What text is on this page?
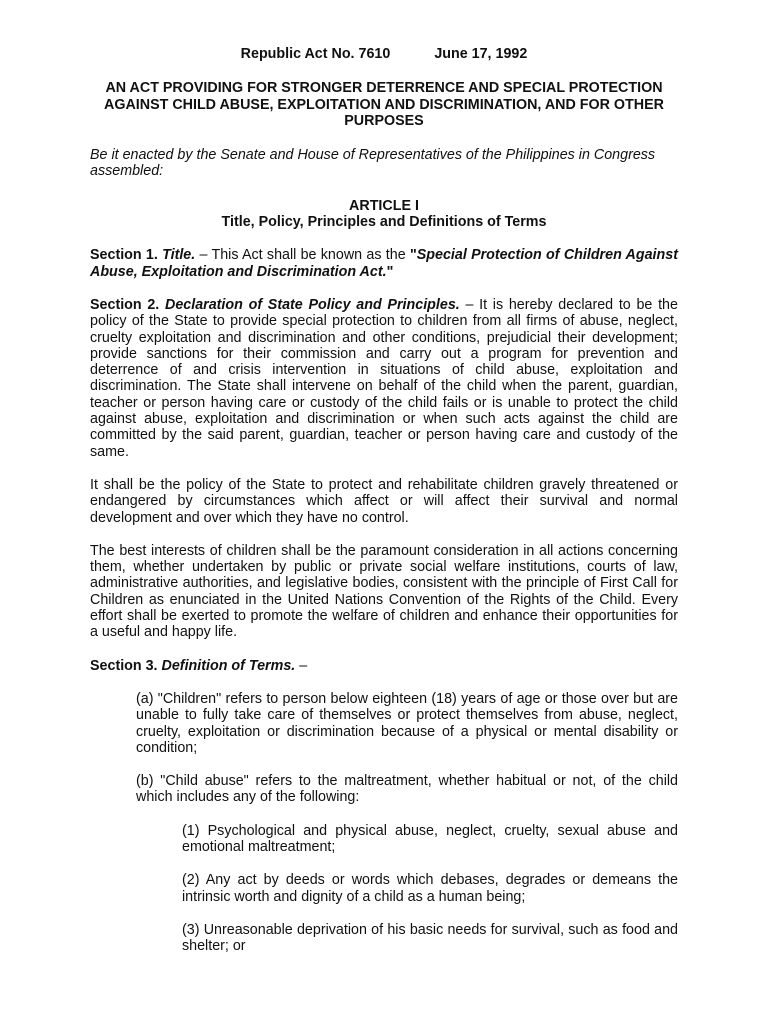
Republic Act No. 7610	June 17, 1992
AN ACT PROVIDING FOR STRONGER DETERRENCE AND SPECIAL PROTECTION AGAINST CHILD ABUSE, EXPLOITATION AND DISCRIMINATION, AND FOR OTHER PURPOSES
Be it enacted by the Senate and House of Representatives of the Philippines in Congress assembled:
ARTICLE I
Title, Policy, Principles and Definitions of Terms
Section 1. Title. – This Act shall be known as the "Special Protection of Children Against Abuse, Exploitation and Discrimination Act."
Section 2. Declaration of State Policy and Principles. – It is hereby declared to be the policy of the State to provide special protection to children from all firms of abuse, neglect, cruelty exploitation and discrimination and other conditions, prejudicial their development; provide sanctions for their commission and carry out a program for prevention and deterrence of and crisis intervention in situations of child abuse, exploitation and discrimination. The State shall intervene on behalf of the child when the parent, guardian, teacher or person having care or custody of the child fails or is unable to protect the child against abuse, exploitation and discrimination or when such acts against the child are committed by the said parent, guardian, teacher or person having care and custody of the same.
It shall be the policy of the State to protect and rehabilitate children gravely threatened or endangered by circumstances which affect or will affect their survival and normal development and over which they have no control.
The best interests of children shall be the paramount consideration in all actions concerning them, whether undertaken by public or private social welfare institutions, courts of law, administrative authorities, and legislative bodies, consistent with the principle of First Call for Children as enunciated in the United Nations Convention of the Rights of the Child. Every effort shall be exerted to promote the welfare of children and enhance their opportunities for a useful and happy life.
Section 3. Definition of Terms. –
(a) "Children" refers to person below eighteen (18) years of age or those over but are unable to fully take care of themselves or protect themselves from abuse, neglect, cruelty, exploitation or discrimination because of a physical or mental disability or condition;
(b) "Child abuse" refers to the maltreatment, whether habitual or not, of the child which includes any of the following:
(1) Psychological and physical abuse, neglect, cruelty, sexual abuse and emotional maltreatment;
(2) Any act by deeds or words which debases, degrades or demeans the intrinsic worth and dignity of a child as a human being;
(3) Unreasonable deprivation of his basic needs for survival, such as food and shelter; or
